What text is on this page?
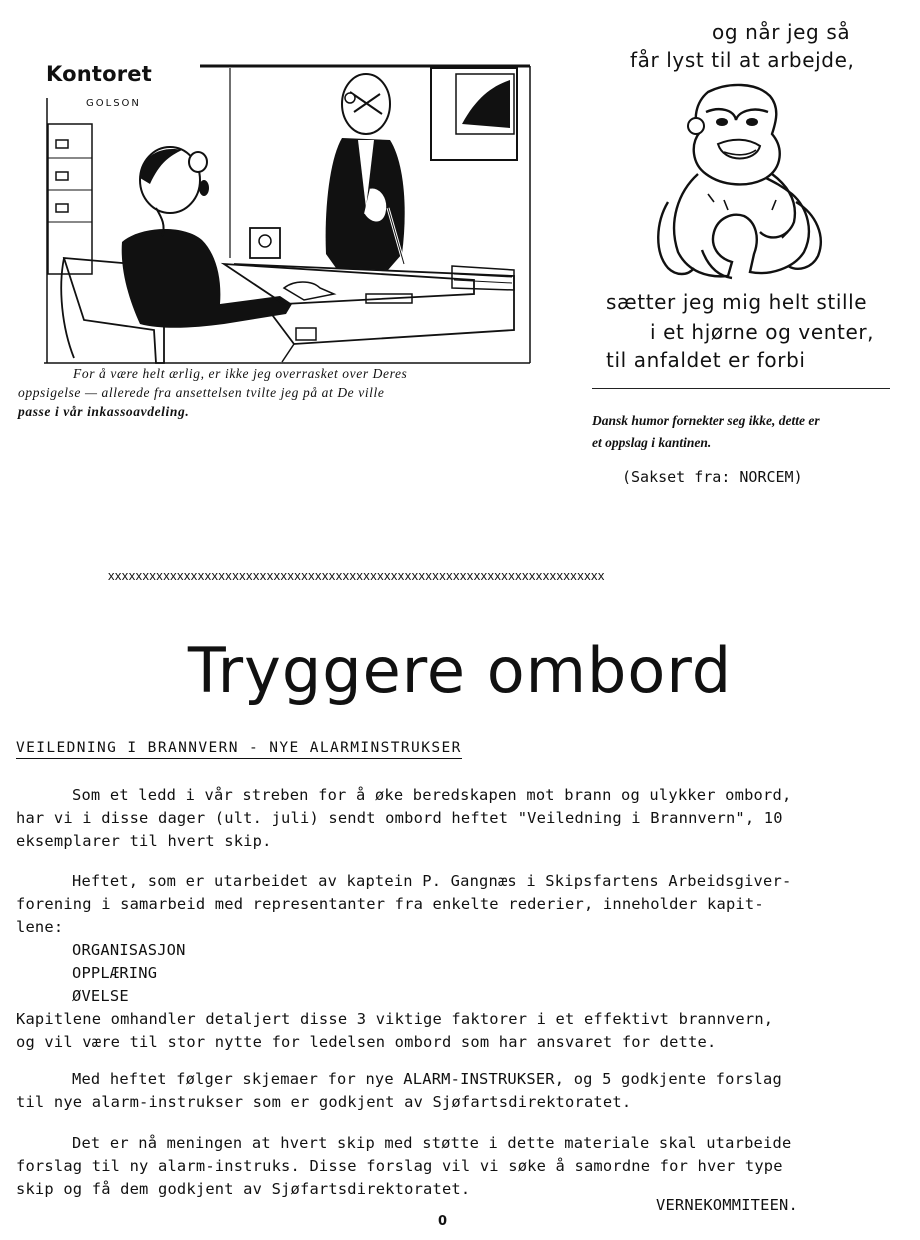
Kontoret
GOLSON
For å være helt ærlig, er ikke jeg overrasket over Deres
oppsigelse — allerede fra ansettelsen tvilte jeg på at De ville
passe i vår inkassoavdeling.
og når jeg så
får lyst til at arbejde,
sætter jeg mig helt stille
i et hjørne og venter,
til anfaldet er forbi
Dansk humor fornekter seg ikke, dette er
et oppslag i kantinen.
(Sakset fra: NORCEM)
xxxxxxxxxxxxxxxxxxxxxxxxxxxxxxxxxxxxxxxxxxxxxxxxxxxxxxxxxxxxxxxxxxxxxxxx
Tryggere ombord
VEILEDNING I BRANNVERN - NYE ALARMINSTRUKSER
Som et ledd i vår streben for å øke beredskapen mot brann og ulykker ombord,
har vi i disse dager (ult. juli) sendt ombord heftet "Veiledning i Brannvern", 10
eksemplarer til hvert skip.
Heftet, som er utarbeidet av kaptein P. Gangnæs i Skipsfartens Arbeidsgiver-
forening i samarbeid med representanter fra enkelte rederier, inneholder kapit-
lene:
ORGANISASJON
OPPLÆRING
ØVELSE
Kapitlene omhandler detaljert disse 3 viktige faktorer i et effektivt brannvern,
og vil være til stor nytte for ledelsen ombord som har ansvaret for dette.
Med heftet følger skjemaer for nye ALARM-INSTRUKSER, og 5 godkjente forslag
til nye alarm-instrukser som er godkjent av Sjøfartsdirektoratet.
Det er nå meningen at hvert skip med støtte i dette materiale skal utarbeide
forslag til ny alarm-instruks. Disse forslag vil vi søke å samordne for hver type
skip og få dem godkjent av Sjøfartsdirektoratet.
VERNEKOMMITEEN.
0
